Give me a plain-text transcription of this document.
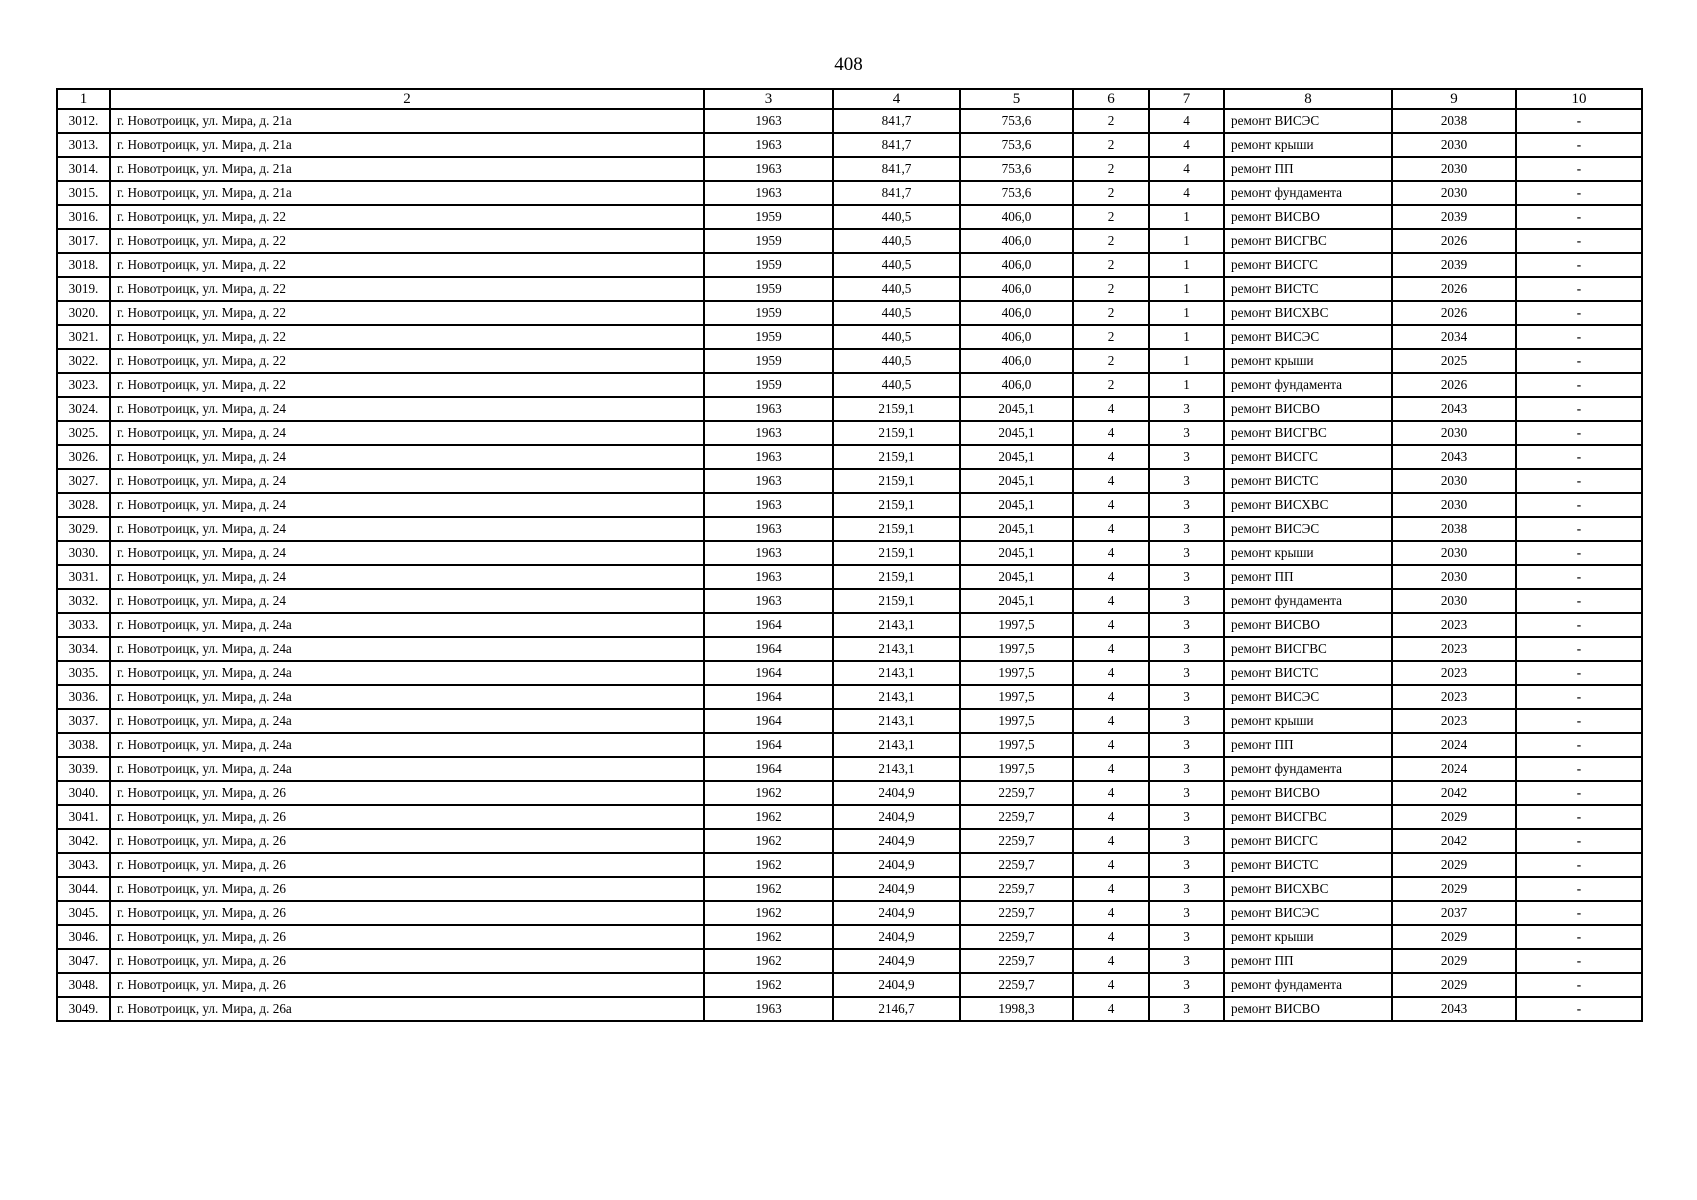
408
1	2	3	4	5	6	7	8	9	10
3012.	г. Новотроицк, ул. Мира, д. 21а	1963	841,7	753,6	2	4	ремонт ВИСЭС	2038	-
3013.	г. Новотроицк, ул. Мира, д. 21а	1963	841,7	753,6	2	4	ремонт крыши	2030	-
3014.	г. Новотроицк, ул. Мира, д. 21а	1963	841,7	753,6	2	4	ремонт ПП	2030	-
3015.	г. Новотроицк, ул. Мира, д. 21а	1963	841,7	753,6	2	4	ремонт фундамента	2030	-
3016.	г. Новотроицк, ул. Мира, д. 22	1959	440,5	406,0	2	1	ремонт ВИСВО	2039	-
3017.	г. Новотроицк, ул. Мира, д. 22	1959	440,5	406,0	2	1	ремонт ВИСГВС	2026	-
3018.	г. Новотроицк, ул. Мира, д. 22	1959	440,5	406,0	2	1	ремонт ВИСГС	2039	-
3019.	г. Новотроицк, ул. Мира, д. 22	1959	440,5	406,0	2	1	ремонт ВИСТС	2026	-
3020.	г. Новотроицк, ул. Мира, д. 22	1959	440,5	406,0	2	1	ремонт ВИСХВС	2026	-
3021.	г. Новотроицк, ул. Мира, д. 22	1959	440,5	406,0	2	1	ремонт ВИСЭС	2034	-
3022.	г. Новотроицк, ул. Мира, д. 22	1959	440,5	406,0	2	1	ремонт крыши	2025	-
3023.	г. Новотроицк, ул. Мира, д. 22	1959	440,5	406,0	2	1	ремонт фундамента	2026	-
3024.	г. Новотроицк, ул. Мира, д. 24	1963	2159,1	2045,1	4	3	ремонт ВИСВО	2043	-
3025.	г. Новотроицк, ул. Мира, д. 24	1963	2159,1	2045,1	4	3	ремонт ВИСГВС	2030	-
3026.	г. Новотроицк, ул. Мира, д. 24	1963	2159,1	2045,1	4	3	ремонт ВИСГС	2043	-
3027.	г. Новотроицк, ул. Мира, д. 24	1963	2159,1	2045,1	4	3	ремонт ВИСТС	2030	-
3028.	г. Новотроицк, ул. Мира, д. 24	1963	2159,1	2045,1	4	3	ремонт ВИСХВС	2030	-
3029.	г. Новотроицк, ул. Мира, д. 24	1963	2159,1	2045,1	4	3	ремонт ВИСЭС	2038	-
3030.	г. Новотроицк, ул. Мира, д. 24	1963	2159,1	2045,1	4	3	ремонт крыши	2030	-
3031.	г. Новотроицк, ул. Мира, д. 24	1963	2159,1	2045,1	4	3	ремонт ПП	2030	-
3032.	г. Новотроицк, ул. Мира, д. 24	1963	2159,1	2045,1	4	3	ремонт фундамента	2030	-
3033.	г. Новотроицк, ул. Мира, д. 24а	1964	2143,1	1997,5	4	3	ремонт ВИСВО	2023	-
3034.	г. Новотроицк, ул. Мира, д. 24а	1964	2143,1	1997,5	4	3	ремонт ВИСГВС	2023	-
3035.	г. Новотроицк, ул. Мира, д. 24а	1964	2143,1	1997,5	4	3	ремонт ВИСТС	2023	-
3036.	г. Новотроицк, ул. Мира, д. 24а	1964	2143,1	1997,5	4	3	ремонт ВИСЭС	2023	-
3037.	г. Новотроицк, ул. Мира, д. 24а	1964	2143,1	1997,5	4	3	ремонт крыши	2023	-
3038.	г. Новотроицк, ул. Мира, д. 24а	1964	2143,1	1997,5	4	3	ремонт ПП	2024	-
3039.	г. Новотроицк, ул. Мира, д. 24а	1964	2143,1	1997,5	4	3	ремонт фундамента	2024	-
3040.	г. Новотроицк, ул. Мира, д. 26	1962	2404,9	2259,7	4	3	ремонт ВИСВО	2042	-
3041.	г. Новотроицк, ул. Мира, д. 26	1962	2404,9	2259,7	4	3	ремонт ВИСГВС	2029	-
3042.	г. Новотроицк, ул. Мира, д. 26	1962	2404,9	2259,7	4	3	ремонт ВИСГС	2042	-
3043.	г. Новотроицк, ул. Мира, д. 26	1962	2404,9	2259,7	4	3	ремонт ВИСТС	2029	-
3044.	г. Новотроицк, ул. Мира, д. 26	1962	2404,9	2259,7	4	3	ремонт ВИСХВС	2029	-
3045.	г. Новотроицк, ул. Мира, д. 26	1962	2404,9	2259,7	4	3	ремонт ВИСЭС	2037	-
3046.	г. Новотроицк, ул. Мира, д. 26	1962	2404,9	2259,7	4	3	ремонт крыши	2029	-
3047.	г. Новотроицк, ул. Мира, д. 26	1962	2404,9	2259,7	4	3	ремонт ПП	2029	-
3048.	г. Новотроицк, ул. Мира, д. 26	1962	2404,9	2259,7	4	3	ремонт фундамента	2029	-
3049.	г. Новотроицк, ул. Мира, д. 26а	1963	2146,7	1998,3	4	3	ремонт ВИСВО	2043	-
